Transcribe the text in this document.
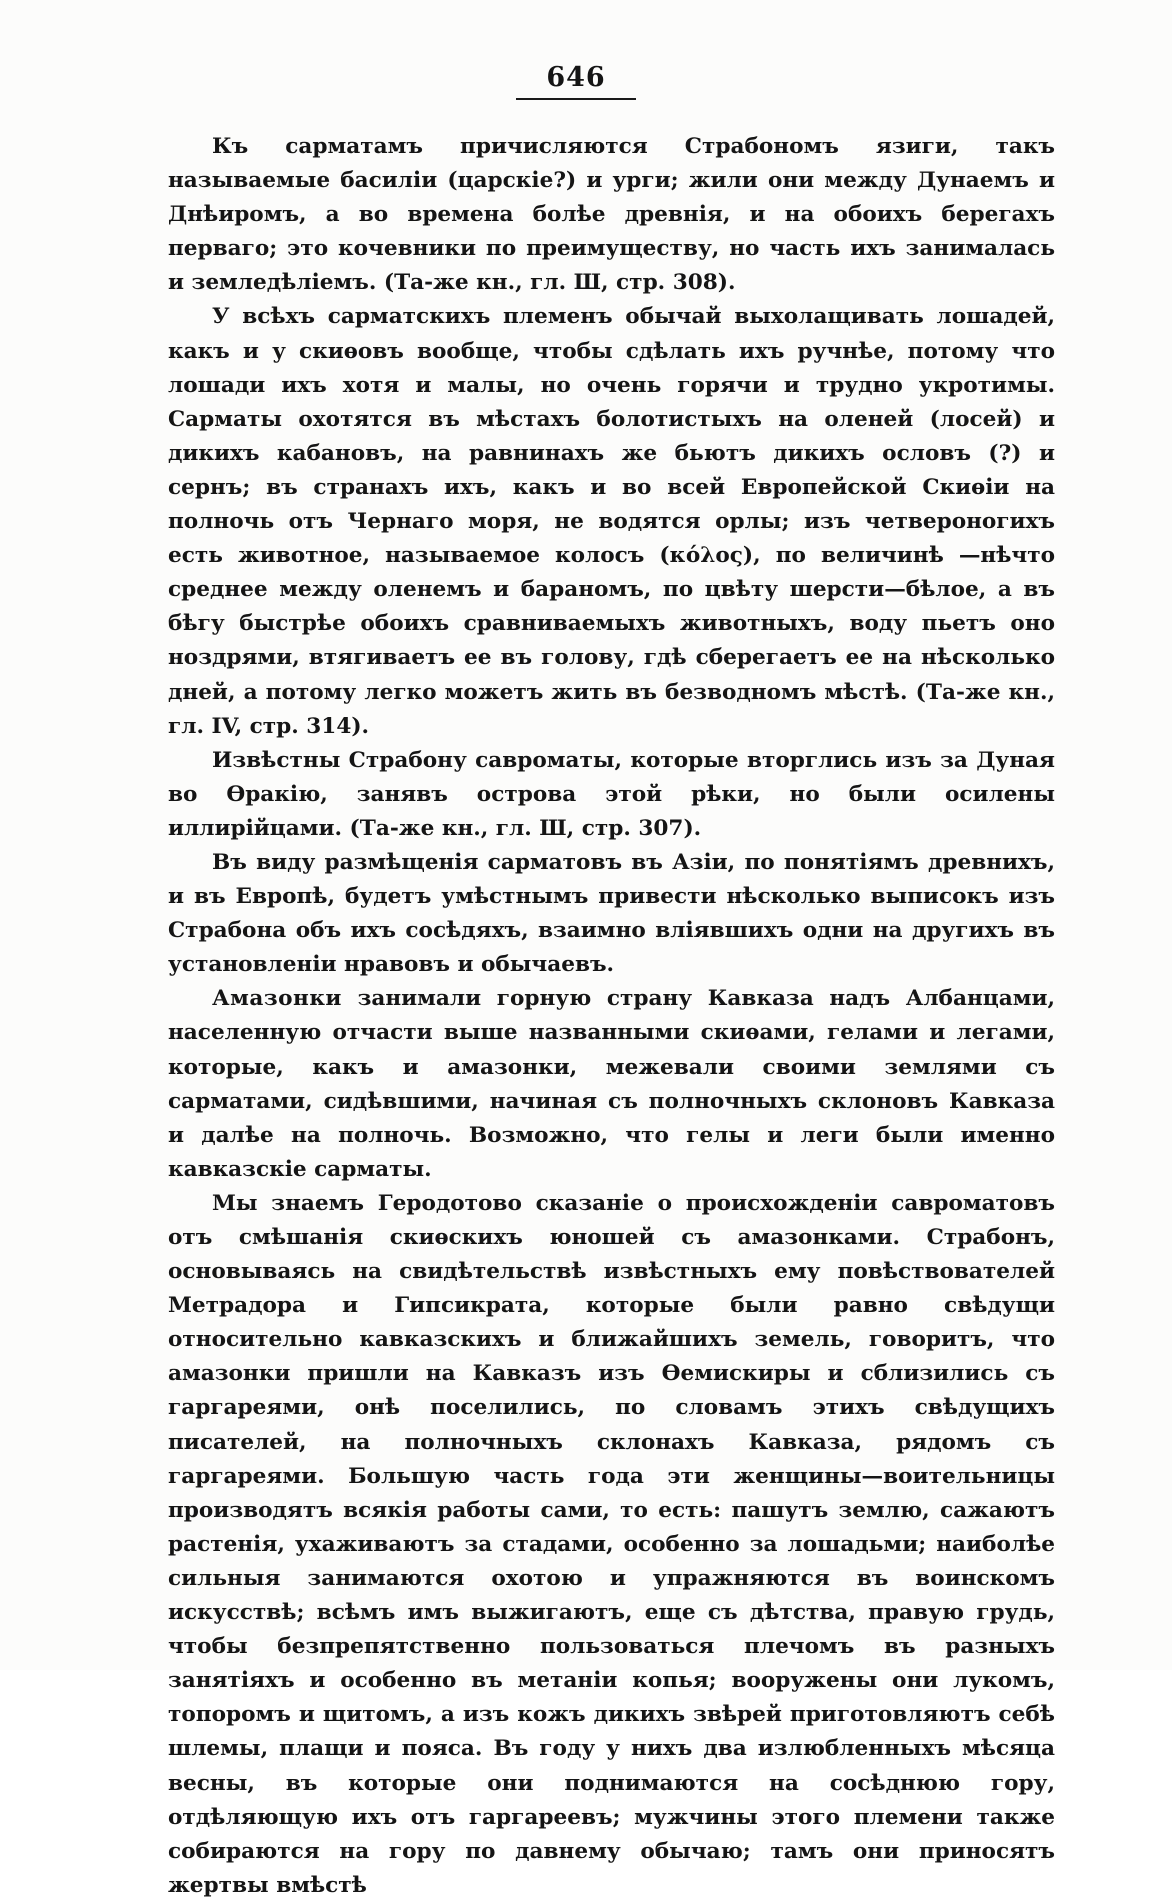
646

Къ сарматамъ причисляются Страбономъ язиги, такъ называемые басилiи (царскiе?) и урги; жили они между Дунаемъ и Днѣиромъ, а во времена болѣе древнiя, и на обоихъ берегахъ перваго; это кочевники по преимуществу, но часть ихъ занималась и земледѣлiемъ. (Та-же кн., гл. Ш, стр. 308).

У всѣхъ сарматскихъ племенъ обычай выхолащивать лошадей, какъ и у скиѳовъ вообще, чтобы сдѣлать ихъ ручнѣе, потому что лошади ихъ хотя и малы, но очень горячи и трудно укротимы. Сарматы охотятся въ мѣстахъ болотистыхъ на оленей (лосей) и дикихъ кабановъ, на равнинахъ же бьютъ дикихъ ословъ (?) и сернъ; въ странахъ ихъ, какъ и во всей Европейской Скиѳiи на полночь отъ Чернаго моря, не водятся орлы; изъ четвероногихъ есть животное, называемое колосъ (κόλος), по величинѣ —нѣчто среднее между оленемъ и бараномъ, по цвѣту шерсти—бѣлое, а въ бѣгу быстрѣе обоихъ сравниваемыхъ животныхъ, воду пьетъ оно ноздрями, втягиваетъ ее въ голову, гдѣ сберегаетъ ее на нѣсколько дней, а потому легко можетъ жить въ безводномъ мѣстѣ. (Та-же кн., гл. IV, стр. 314).

Извѣстны Страбону савроматы, которые вторглись изъ за Дуная во Ѳракiю, занявъ острова этой рѣки, но были осилены иллирiйцами. (Та-же кн., гл. Ш, стр. 307).

Въ виду размѣщенiя сарматовъ въ Азiи, по понятiямъ древнихъ, и въ Европѣ, будетъ умѣстнымъ привести нѣсколько выписокъ изъ Страбона объ ихъ сосѣдяхъ, взаимно влiявшихъ одни на другихъ въ установленiи нравовъ и обычаевъ.

Амазонки занимали горную страну Кавказа надъ Албанцами, населенную отчасти выше названными скиѳами, гелами и легами, которые, какъ и амазонки, межевали своими землями съ сарматами, сидѣвшими, начиная съ полночныхъ склоновъ Кавказа и далѣе на полночь. Возможно, что гелы и леги были именно кавказскiе сарматы.

Мы знаемъ Геродотово сказанiе о происхожденiи савроматовъ отъ смѣшанiя скиѳскихъ юношей съ амазонками. Страбонъ, основываясь на свидѣтельствѣ извѣстныхъ ему повѣствователей Метрадора и Гипсикрата, которые были равно свѣдущи относительно кавказскихъ и ближайшихъ земель, говоритъ, что амазонки пришли на Кавказъ изъ Ѳемискиры и сблизились съ гаргареями, онѣ поселились, по словамъ этихъ свѣдущихъ писателей, на полночныхъ склонахъ Кавказа, рядомъ съ гаргареями. Большую часть года эти женщины—воительницы производятъ всякiя работы сами, то есть: пашутъ землю, сажаютъ растенiя, ухаживаютъ за стадами, особенно за лошадьми; наиболѣе сильныя занимаются охотою и упражняются въ воинскомъ искусствѣ; всѣмъ имъ выжигаютъ, еще съ дѣтства, правую грудь, чтобы безпрепятственно пользоваться плечомъ въ разныхъ занятiяхъ и особенно въ метанiи копья; вооружены они лукомъ, топоромъ и щитомъ, а изъ кожъ дикихъ звѣрей приготовляютъ себѣ шлемы, плащи и пояса. Въ году у нихъ два излюбленныхъ мѣсяца весны, въ которые они поднимаются на сосѣднюю гору, отдѣляющую ихъ отъ гаргареевъ; мужчины этого племени также собираются на гору по давнему обычаю; тамъ они приносятъ жертвы вмѣстѣ
